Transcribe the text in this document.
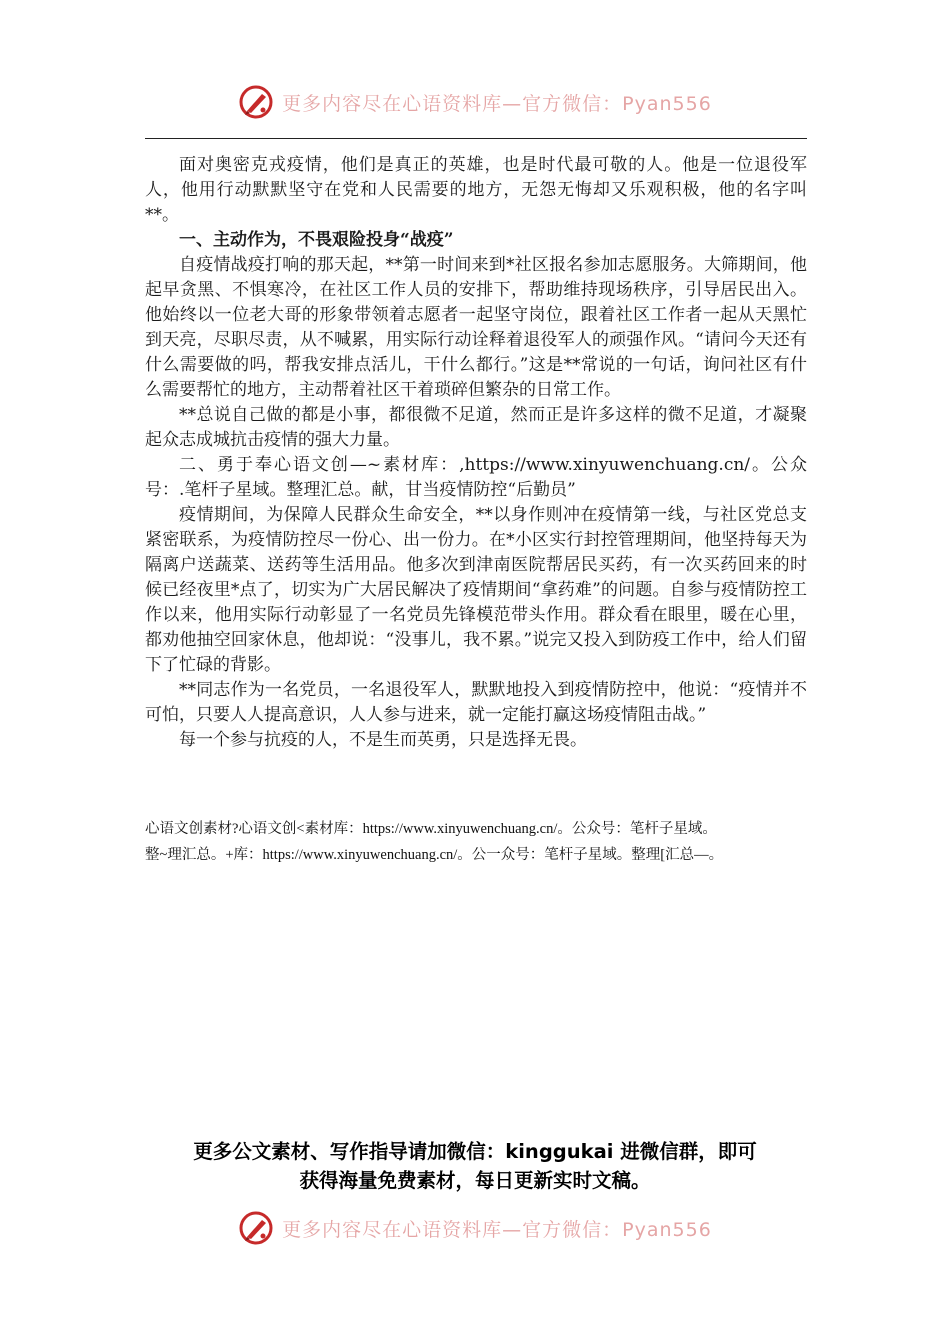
更多内容尽在心语资料库—官方微信：Pyan556

面对奥密克戎疫情，他们是真正的英雄，也是时代最可敬的人。他是一位退役军人，他用行动默默坚守在党和人民需要的地方，无怨无悔却又乐观积极，他的名字叫**。

一、主动作为，不畏艰险投身“战疫”

自疫情战疫打响的那天起，**第一时间来到*社区报名参加志愿服务。大筛期间，他起早贪黑、不惧寒冷，在社区工作人员的安排下，帮助维持现场秩序，引导居民出入。他始终以一位老大哥的形象带领着志愿者一起坚守岗位，跟着社区工作者一起从天黑忙到天亮，尽职尽责，从不喊累，用实际行动诠释着退役军人的顽强作风。“请问今天还有什么需要做的吗，帮我安排点活儿，干什么都行。”这是**常说的一句话，询问社区有什么需要帮忙的地方，主动帮着社区干着琐碎但繁杂的日常工作。

**总说自己做的都是小事，都很微不足道，然而正是许多这样的微不足道，才凝聚起众志成城抗击疫情的强大力量。

二、勇于奉心语文创—~素材库：,https://www.xinyuwenchuang.cn/。公众号：.笔杆子星域。整理汇总。献，甘当疫情防控“后勤员”

疫情期间，为保障人民群众生命安全，**以身作则冲在疫情第一线，与社区党总支紧密联系，为疫情防控尽一份心、出一份力。在*小区实行封控管理期间，他坚持每天为隔离户送蔬菜、送药等生活用品。他多次到津南医院帮居民买药，有一次买药回来的时候已经夜里*点了，切实为广大居民解决了疫情期间“拿药难”的问题。自参与疫情防控工作以来，他用实际行动彰显了一名党员先锋模范带头作用。群众看在眼里，暖在心里，都劝他抽空回家休息，他却说：“没事儿，我不累。”说完又投入到防疫工作中，给人们留下了忙碌的背影。

**同志作为一名党员，一名退役军人，默默地投入到疫情防控中，他说：“疫情并不可怕，只要人人提高意识，人人参与进来，就一定能打赢这场疫情阻击战。”

每一个参与抗疫的人，不是生而英勇，只是选择无畏。

心语文创素材?心语文创<素材库：https://www.xinyuwenchuang.cn/。公众号：笔杆子星域。
整~理汇总。+库：https://www.xinyuwenchuang.cn/。公一众号：笔杆子星域。整理[汇总—。
更多公文素材、写作指导请加微信：kinggukai 进微信群，即可
获得海量免费素材，每日更新实时文稿。
更多内容尽在心语资料库—官方微信：Pyan556
